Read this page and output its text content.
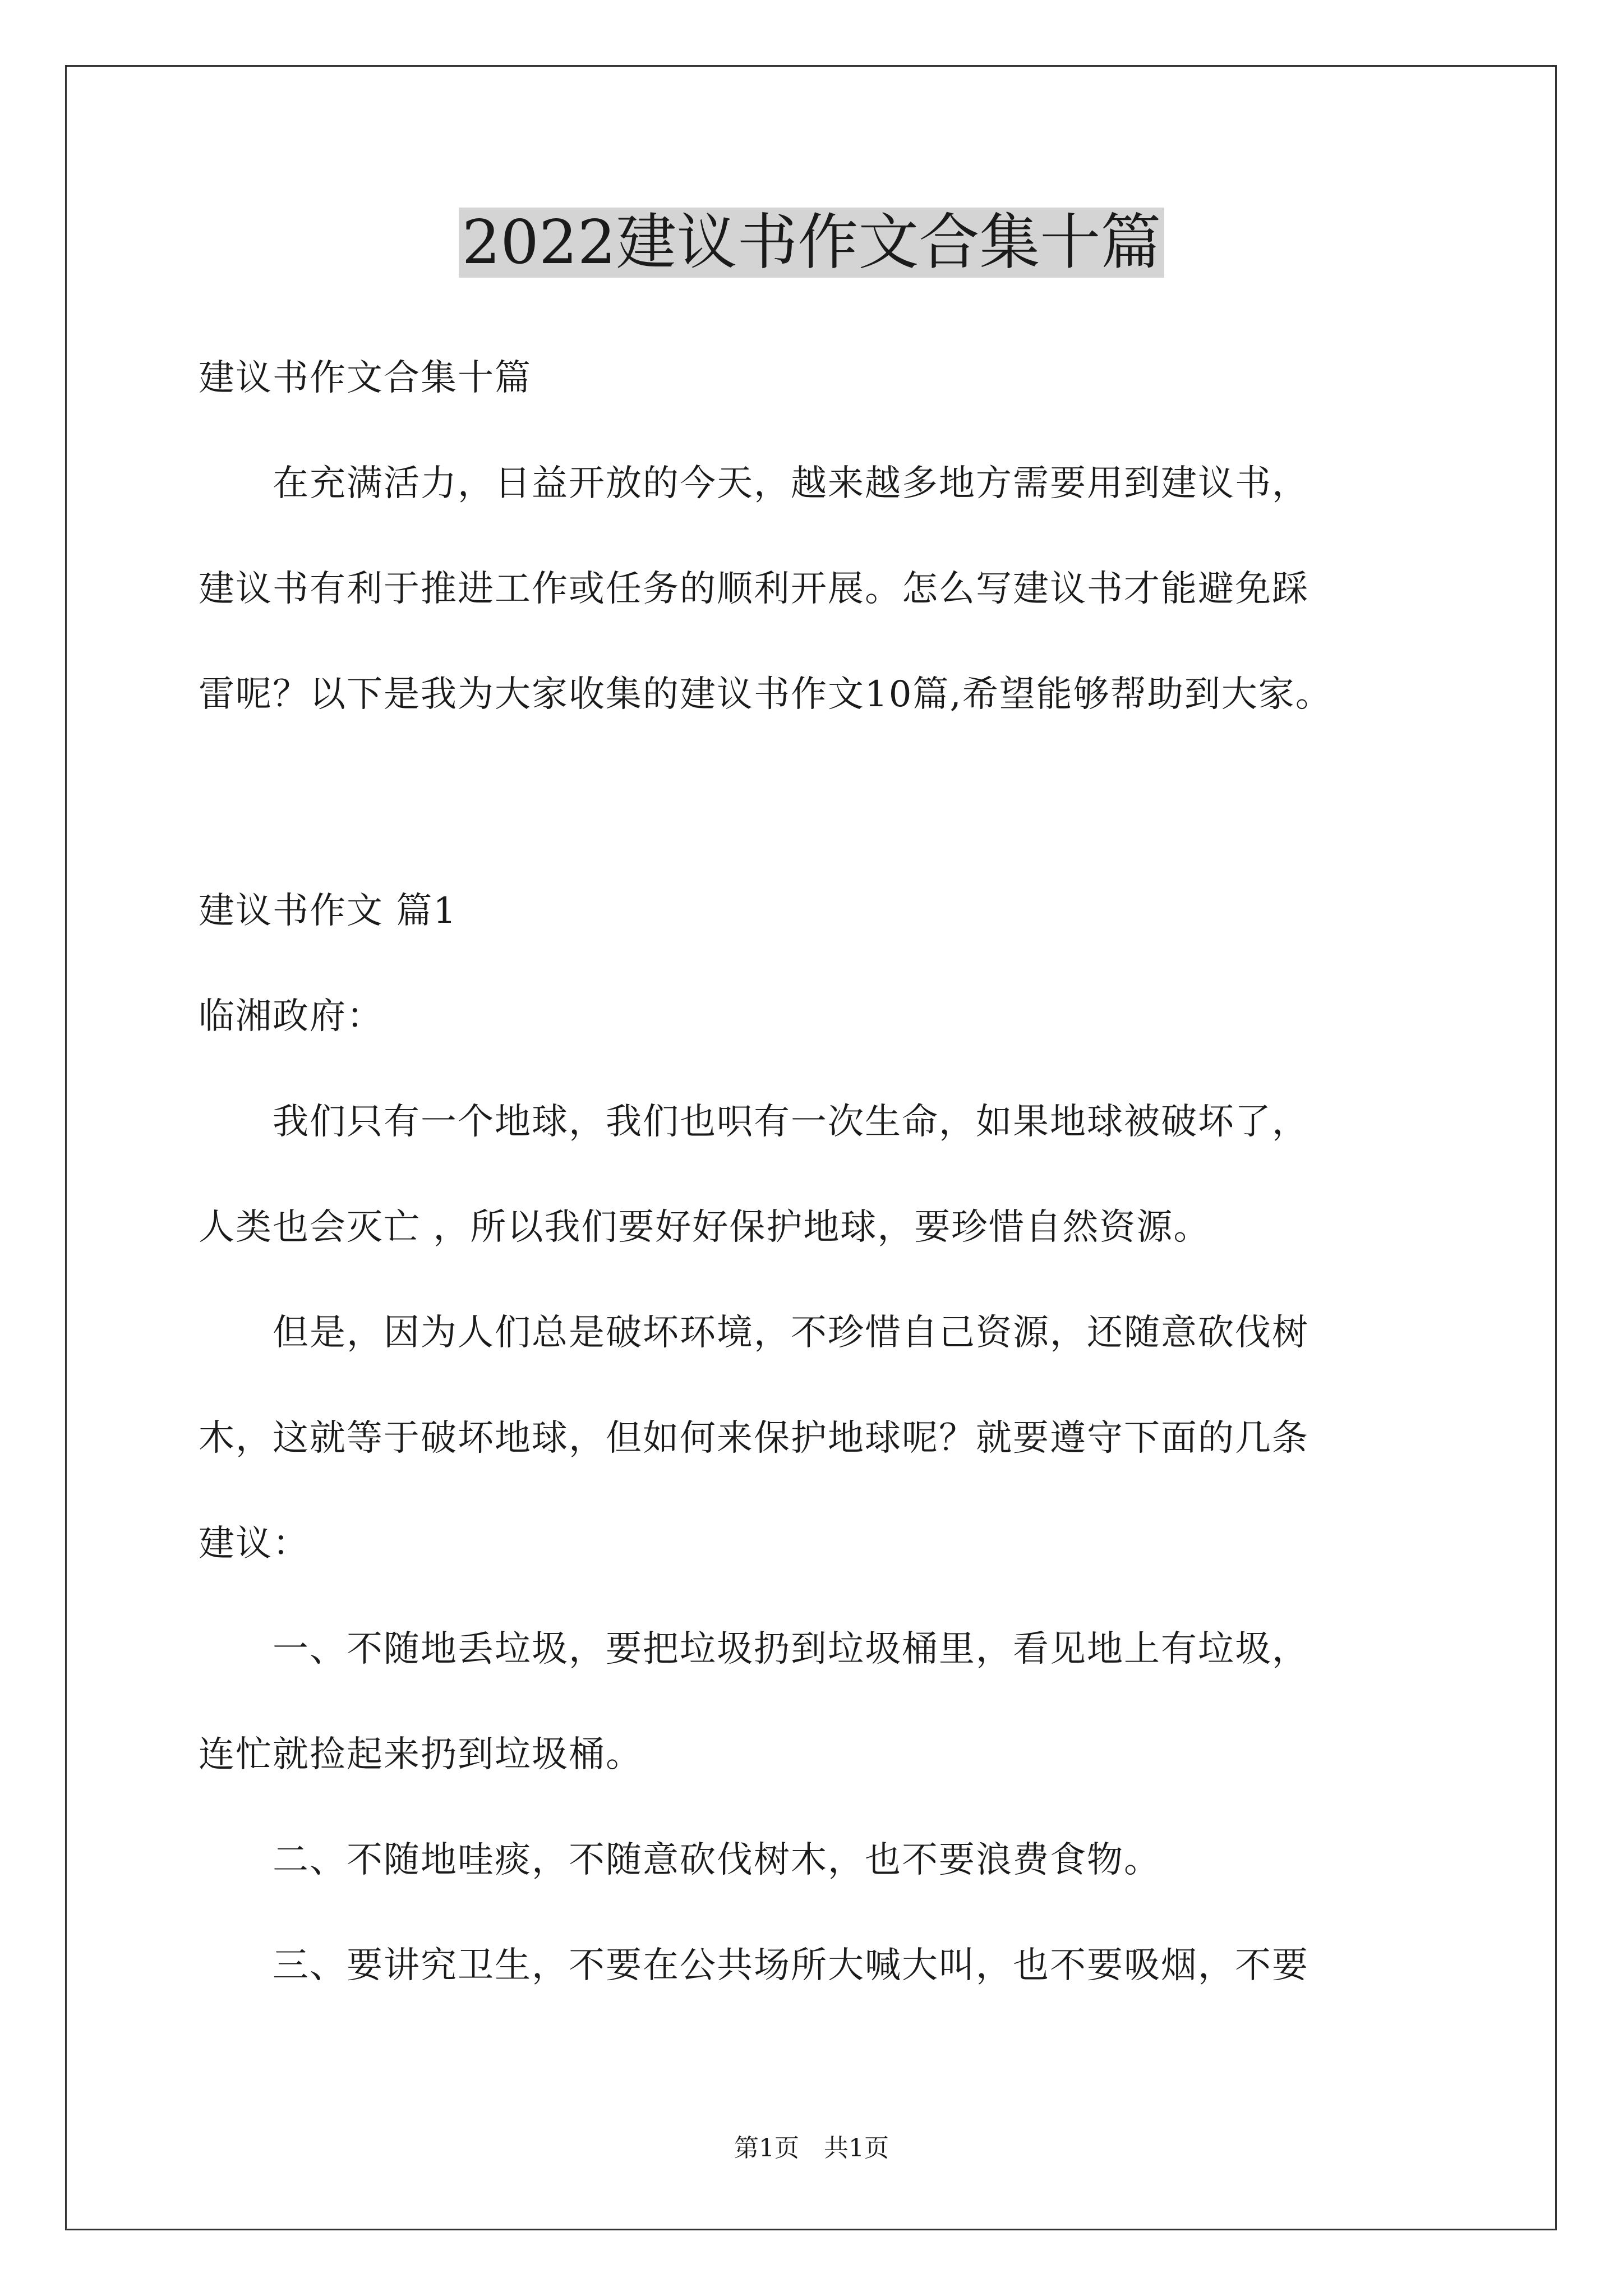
2022建议书作文合集十篇
建议书作文合集十篇
　　在充满活力，日益开放的今天，越来越多地方需要用到建议书，
建议书有利于推进工作或任务的顺利开展。怎么写建议书才能避免踩
雷呢？以下是我为大家收集的建议书作文10篇,希望能够帮助到大家。
建议书作文 篇1
临湘政府：
　　我们只有一个地球，我们也呮有一次生命，如果地球被破坏了，
人类也会灭亡 ，所以我们要好好保护地球，要珍惜自然资源。
　　但是，因为人们总是破坏环境，不珍惜自己资源，还随意砍伐树
木，这就等于破坏地球，但如何来保护地球呢？就要遵守下面的几条
建议：
　　一、不随地丢垃圾，要把垃圾扔到垃圾桶里，看见地上有垃圾，
连忙就捡起来扔到垃圾桶。
　　二、不随地哇痰，不随意砍伐树木，也不要浪费食物。
　　三、要讲究卫生，不要在公共场所大喊大叫，也不要吸烟，不要
第1页　共1页
